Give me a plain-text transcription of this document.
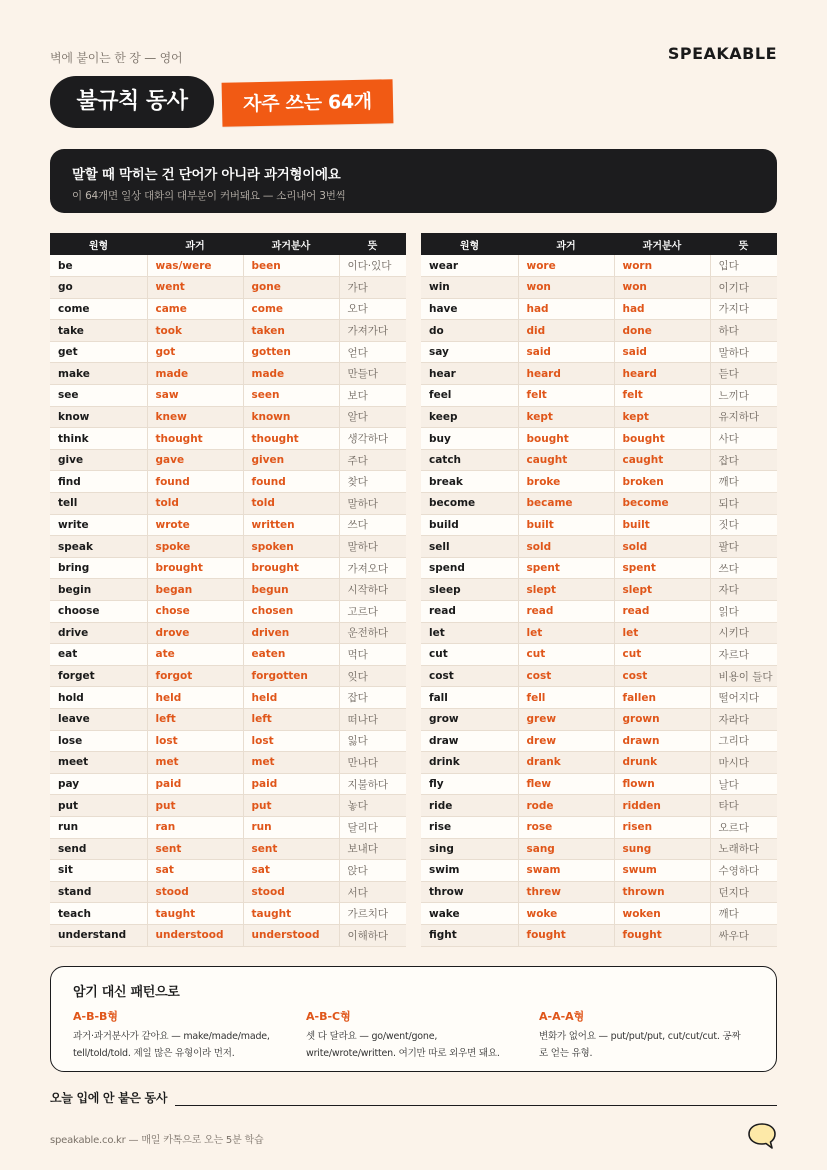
벽에 붙이는 한 장 — 영어	SPEAKABLE
불규칙 동사	자주 쓰는 64개
말할 때 막히는 건 단어가 아니라 과거형이에요
이 64개면 일상 대화의 대부분이 커버돼요 — 소리내어 3번씩
원형	과거	과거분사	뜻
be	was/were	been	이다·있다
go	went	gone	가다
come	came	come	오다
take	took	taken	가져가다
get	got	gotten	얻다
make	made	made	만들다
see	saw	seen	보다
know	knew	known	알다
think	thought	thought	생각하다
give	gave	given	주다
find	found	found	찾다
tell	told	told	말하다
write	wrote	written	쓰다
speak	spoke	spoken	말하다
bring	brought	brought	가져오다
begin	began	begun	시작하다
choose	chose	chosen	고르다
drive	drove	driven	운전하다
eat	ate	eaten	먹다
forget	forgot	forgotten	잊다
hold	held	held	잡다
leave	left	left	떠나다
lose	lost	lost	잃다
meet	met	met	만나다
pay	paid	paid	지불하다
put	put	put	놓다
run	ran	run	달리다
send	sent	sent	보내다
sit	sat	sat	앉다
stand	stood	stood	서다
teach	taught	taught	가르치다
understand	understood	understood	이해하다
원형	과거	과거분사	뜻
wear	wore	worn	입다
win	won	won	이기다
have	had	had	가지다
do	did	done	하다
say	said	said	말하다
hear	heard	heard	듣다
feel	felt	felt	느끼다
keep	kept	kept	유지하다
buy	bought	bought	사다
catch	caught	caught	잡다
break	broke	broken	깨다
become	became	become	되다
build	built	built	짓다
sell	sold	sold	팔다
spend	spent	spent	쓰다
sleep	slept	slept	자다
read	read	read	읽다
let	let	let	시키다
cut	cut	cut	자르다
cost	cost	cost	비용이 들다
fall	fell	fallen	떨어지다
grow	grew	grown	자라다
draw	drew	drawn	그리다
drink	drank	drunk	마시다
fly	flew	flown	날다
ride	rode	ridden	타다
rise	rose	risen	오르다
sing	sang	sung	노래하다
swim	swam	swum	수영하다
throw	threw	thrown	던지다
wake	woke	woken	깨다
fight	fought	fought	싸우다
암기 대신 패턴으로
A-B-B형
과거·과거분사가 같아요 — make/made/made,
tell/told/told. 제일 많은 유형이라 먼저.
A-B-C형
셋 다 달라요 — go/went/gone,
write/wrote/written. 여기만 따로 외우면 돼요.
A-A-A형
변화가 없어요 — put/put/put, cut/cut/cut. 공짜
로 얻는 유형.
오늘 입에 안 붙은 동사
speakable.co.kr — 매일 카톡으로 오는 5분 학습
